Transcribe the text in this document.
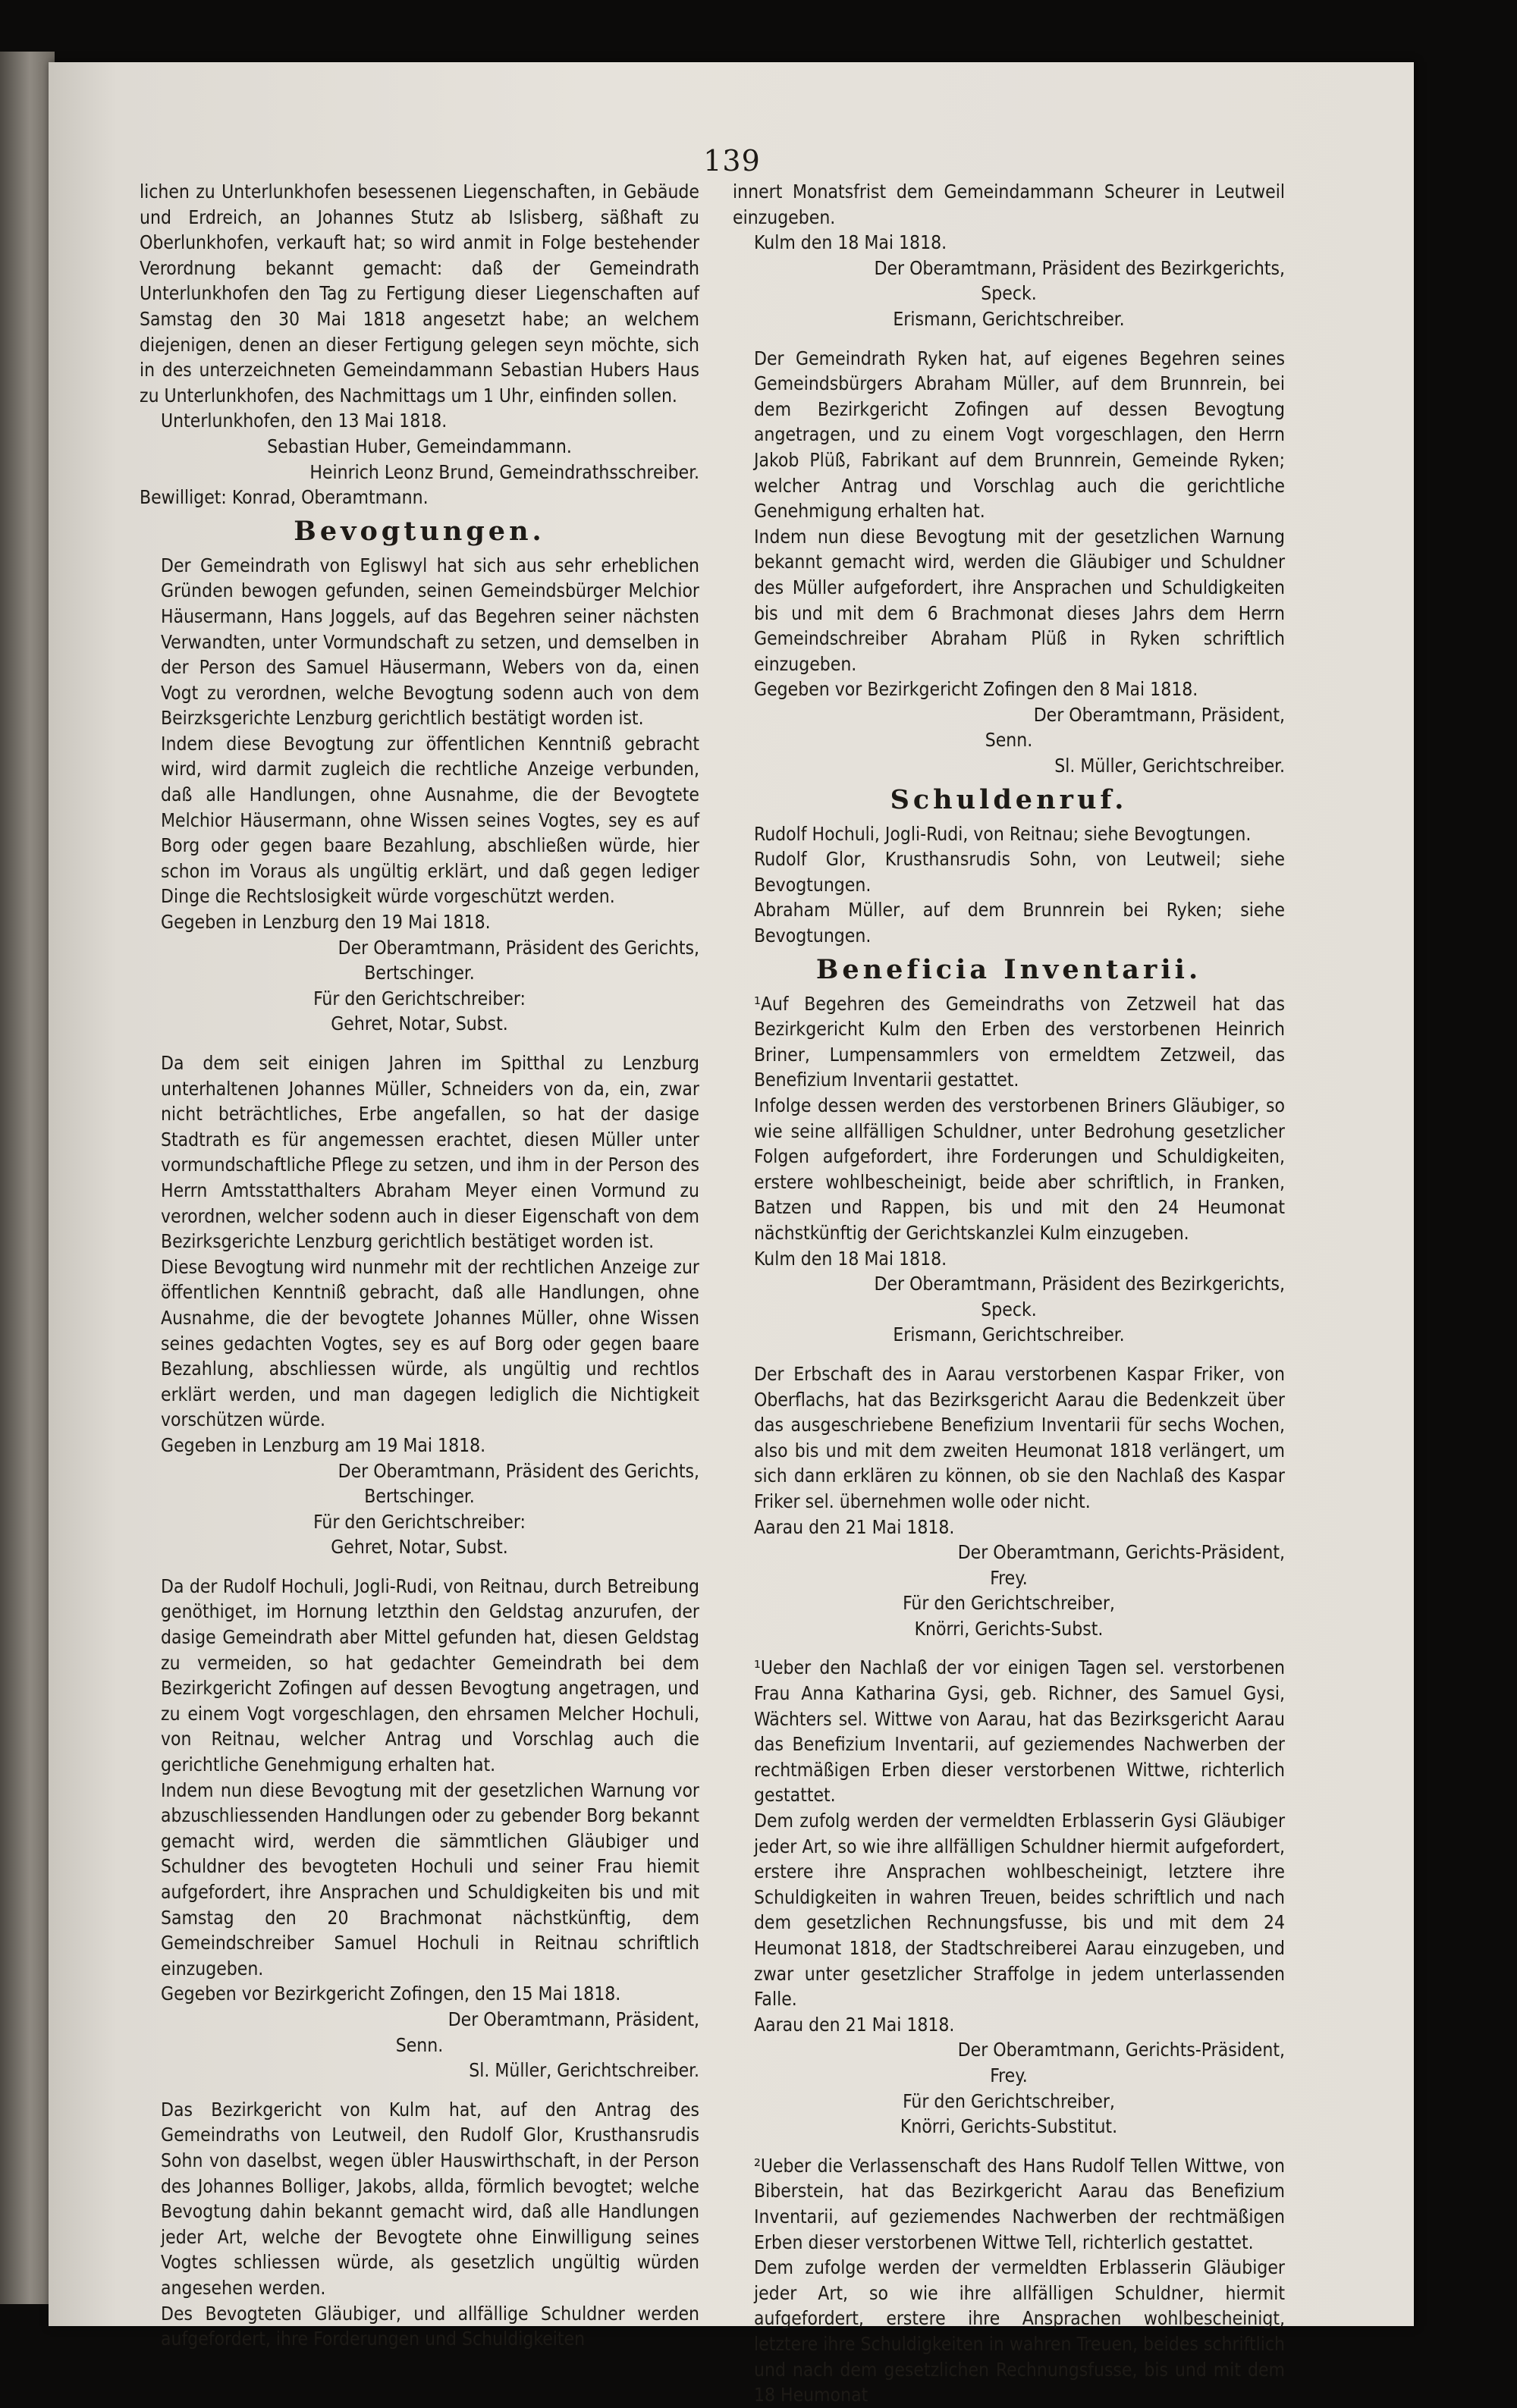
139

lichen zu Unterlunkhofen besessenen Liegenschaften, in Gebäude und Erdreich, an Johannes Stutz ab Islisberg, säßhaft zu Oberlunkhofen, verkauft hat; so wird anmit in Folge bestehender Verordnung bekannt gemacht: daß der Gemeindrath Unterlunkhofen den Tag zu Fertigung dieser Liegenschaften auf Samstag den 30 Mai 1818 angesetzt habe; an welchem diejenigen, denen an dieser Fertigung gelegen seyn möchte, sich in des unterzeichneten Gemeindammann Sebastian Hubers Haus zu Unterlunkhofen, des Nachmittags um 1 Uhr, einfinden sollen.

Unterlunkhofen, den 13 Mai 1818.

Sebastian Huber, Gemeindammann.

Heinrich Leonz Brund, Gemeindrathsschreiber.

Bewilliget: Konrad, Oberamtmann.

Bevogtungen.

Der Gemeindrath von Egliswyl hat sich aus sehr erheblichen Gründen bewogen gefunden, seinen Gemeindsbürger Melchior Häusermann, Hans Joggels, auf das Begehren seiner nächsten Verwandten, unter Vormundschaft zu setzen, und demselben in der Person des Samuel Häusermann, Webers von da, einen Vogt zu verordnen, welche Bevogtung sodenn auch von dem Beirzksgerichte Lenzburg gerichtlich bestätigt worden ist.

Indem diese Bevogtung zur öffentlichen Kenntniß gebracht wird, wird darmit zugleich die rechtliche Anzeige verbunden, daß alle Handlungen, ohne Ausnahme, die der Bevogtete Melchior Häusermann, ohne Wissen seines Vogtes, sey es auf Borg oder gegen baare Bezahlung, abschließen würde, hier schon im Voraus als ungültig erklärt, und daß gegen lediger Dinge die Rechtslosigkeit würde vorgeschützt werden.

Gegeben in Lenzburg den 19 Mai 1818.

Der Oberamtmann, Präsident des Gerichts,

Bertschinger.

Für den Gerichtschreiber:

Gehret, Notar, Subst.

Da dem seit einigen Jahren im Spitthal zu Lenzburg unterhaltenen Johannes Müller, Schneiders von da, ein, zwar nicht beträchtliches, Erbe angefallen, so hat der dasige Stadtrath es für angemessen erachtet, diesen Müller unter vormundschaftliche Pflege zu setzen, und ihm in der Person des Herrn Amtsstatthalters Abraham Meyer einen Vormund zu verordnen, welcher sodenn auch in dieser Eigenschaft von dem Bezirksgerichte Lenzburg gerichtlich bestätiget worden ist.

Diese Bevogtung wird nunmehr mit der rechtlichen Anzeige zur öffentlichen Kenntniß gebracht, daß alle Handlungen, ohne Ausnahme, die der bevogtete Johannes Müller, ohne Wissen seines gedachten Vogtes, sey es auf Borg oder gegen baare Bezahlung, abschliessen würde, als ungültig und rechtlos erklärt werden, und man dagegen lediglich die Nichtigkeit vorschützen würde.

Gegeben in Lenzburg am 19 Mai 1818.

Der Oberamtmann, Präsident des Gerichts,

Bertschinger.

Für den Gerichtschreiber:

Gehret, Notar, Subst.

Da der Rudolf Hochuli, Jogli-Rudi, von Reitnau, durch Betreibung genöthiget, im Hornung letzthin den Geldstag anzurufen, der dasige Gemeindrath aber Mittel gefunden hat, diesen Geldstag zu vermeiden, so hat gedachter Gemeindrath bei dem Bezirkgericht Zofingen auf dessen Bevogtung angetragen, und zu einem Vogt vorgeschlagen, den ehrsamen Melcher Hochuli, von Reitnau, welcher Antrag und Vorschlag auch die gerichtliche Genehmigung erhalten hat.

Indem nun diese Bevogtung mit der gesetzlichen Warnung vor abzuschliessenden Handlungen oder zu gebender Borg bekannt gemacht wird, werden die sämmtlichen Gläubiger und Schuldner des bevogteten Hochuli und seiner Frau hiemit aufgefordert, ihre Ansprachen und Schuldigkeiten bis und mit Samstag den 20 Brachmonat nächstkünftig, dem Gemeindschreiber Samuel Hochuli in Reitnau schriftlich einzugeben.

Gegeben vor Bezirkgericht Zofingen, den 15 Mai 1818.

Der Oberamtmann, Präsident,

Senn.

Sl. Müller, Gerichtschreiber.

Das Bezirkgericht von Kulm hat, auf den Antrag des Gemeindraths von Leutweil, den Rudolf Glor, Krusthansrudis Sohn von daselbst, wegen übler Hauswirthschaft, in der Person des Johannes Bolliger, Jakobs, allda, förmlich bevogtet; welche Bevogtung dahin bekannt gemacht wird, daß alle Handlungen jeder Art, welche der Bevogtete ohne Einwilligung seines Vogtes schliessen würde, als gesetzlich ungültig würden angesehen werden.

Des Bevogteten Gläubiger, und allfällige Schuldner werden aufgefordert, ihre Forderungen und Schuldigkeiten

innert Monatsfrist dem Gemeindammann Scheurer in Leutweil einzugeben.

Kulm den 18 Mai 1818.

Der Oberamtmann, Präsident des Bezirkgerichts,

Speck.

Erismann, Gerichtschreiber.

Der Gemeindrath Ryken hat, auf eigenes Begehren seines Gemeindsbürgers Abraham Müller, auf dem Brunnrein, bei dem Bezirkgericht Zofingen auf dessen Bevogtung angetragen, und zu einem Vogt vorgeschlagen, den Herrn Jakob Plüß, Fabrikant auf dem Brunnrein, Gemeinde Ryken; welcher Antrag und Vorschlag auch die gerichtliche Genehmigung erhalten hat.

Indem nun diese Bevogtung mit der gesetzlichen Warnung bekannt gemacht wird, werden die Gläubiger und Schuldner des Müller aufgefordert, ihre Ansprachen und Schuldigkeiten bis und mit dem 6 Brachmonat dieses Jahrs dem Herrn Gemeindschreiber Abraham Plüß in Ryken schriftlich einzugeben.

Gegeben vor Bezirkgericht Zofingen den 8 Mai 1818.

Der Oberamtmann, Präsident,

Senn.

Sl. Müller, Gerichtschreiber.

Schuldenruf.

Rudolf Hochuli, Jogli-Rudi, von Reitnau; siehe Bevogtungen.

Rudolf Glor, Krusthansrudis Sohn, von Leutweil; siehe Bevogtungen.

Abraham Müller, auf dem Brunnrein bei Ryken; siehe Bevogtungen.

Beneficia Inventarii.

¹Auf Begehren des Gemeindraths von Zetzweil hat das Bezirkgericht Kulm den Erben des verstorbenen Heinrich Briner, Lumpensammlers von ermeldtem Zetzweil, das Benefizium Inventarii gestattet.

Infolge dessen werden des verstorbenen Briners Gläubiger, so wie seine allfälligen Schuldner, unter Bedrohung gesetzlicher Folgen aufgefordert, ihre Forderungen und Schuldigkeiten, erstere wohlbescheinigt, beide aber schriftlich, in Franken, Batzen und Rappen, bis und mit den 24 Heumonat nächstkünftig der Gerichtskanzlei Kulm einzugeben.

Kulm den 18 Mai 1818.

Der Oberamtmann, Präsident des Bezirkgerichts,

Speck.

Erismann, Gerichtschreiber.

Der Erbschaft des in Aarau verstorbenen Kaspar Friker, von Oberflachs, hat das Bezirksgericht Aarau die Bedenkzeit über das ausgeschriebene Benefizium Inventarii für sechs Wochen, also bis und mit dem zweiten Heumonat 1818 verlängert, um sich dann erklären zu können, ob sie den Nachlaß des Kaspar Friker sel. übernehmen wolle oder nicht.

Aarau den 21 Mai 1818.

Der Oberamtmann, Gerichts-Präsident,

Frey.

Für den Gerichtschreiber,

Knörri, Gerichts-Subst.

¹Ueber den Nachlaß der vor einigen Tagen sel. verstorbenen Frau Anna Katharina Gysi, geb. Richner, des Samuel Gysi, Wächters sel. Wittwe von Aarau, hat das Bezirksgericht Aarau das Benefizium Inventarii, auf geziemendes Nachwerben der rechtmäßigen Erben dieser verstorbenen Wittwe, richterlich gestattet.

Dem zufolg werden der vermeldten Erblasserin Gysi Gläubiger jeder Art, so wie ihre allfälligen Schuldner hiermit aufgefordert, erstere ihre Ansprachen wohlbescheinigt, letztere ihre Schuldigkeiten in wahren Treuen, beides schriftlich und nach dem gesetzlichen Rechnungsfusse, bis und mit dem 24 Heumonat 1818, der Stadtschreiberei Aarau einzugeben, und zwar unter gesetzlicher Straffolge in jedem unterlassenden Falle.

Aarau den 21 Mai 1818.

Der Oberamtmann, Gerichts-Präsident,

Frey.

Für den Gerichtschreiber,

Knörri, Gerichts-Substitut.

²Ueber die Verlassenschaft des Hans Rudolf Tellen Wittwe, von Biberstein, hat das Bezirkgericht Aarau das Benefizium Inventarii, auf geziemendes Nachwerben der rechtmäßigen Erben dieser verstorbenen Wittwe Tell, richterlich gestattet.

Dem zufolge werden der vermeldten Erblasserin Gläubiger jeder Art, so wie ihre allfälligen Schuldner, hiermit aufgefordert, erstere ihre Ansprachen wohlbescheinigt, letztere ihre Schuldigkeiten in wahren Treuen, beides schriftlich und nach dem gesetzlichen Rechnungsfusse, bis und mit dem 18 Heumonat
